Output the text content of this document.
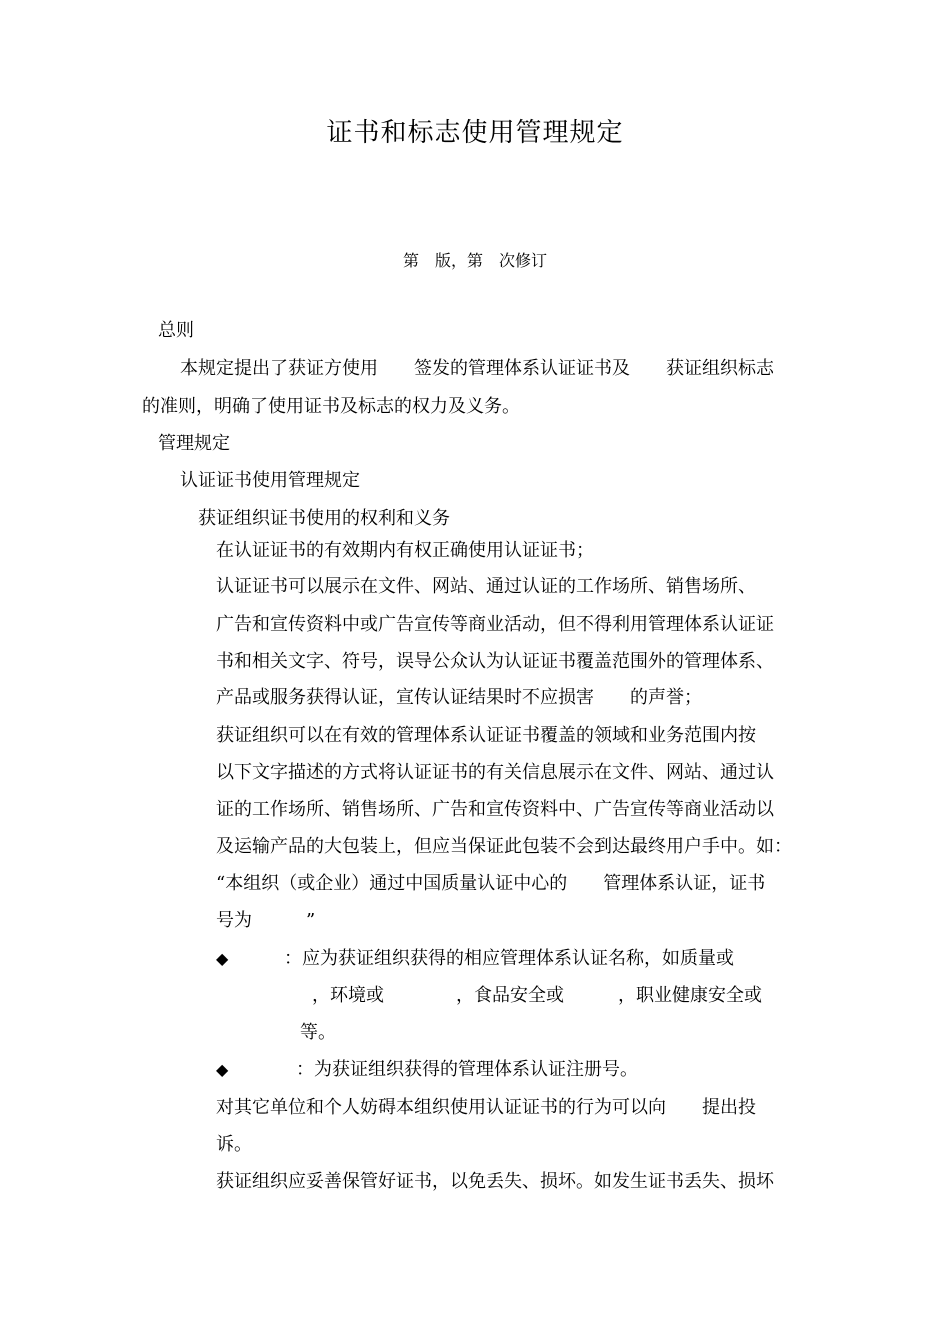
证书和标志使用管理规定
第　版，第　次修订
总则
本规定提出了获证方使用　　签发的管理体系认证证书及　　获证组织标志
的准则，明确了使用证书及标志的权力及义务。
管理规定
认证证书使用管理规定
获证组织证书使用的权利和义务
在认证证书的有效期内有权正确使用认证证书；
认证证书可以展示在文件、网站、通过认证的工作场所、销售场所、
广告和宣传资料中或广告宣传等商业活动，但不得利用管理体系认证证
书和相关文字、符号，误导公众认为认证证书覆盖范围外的管理体系、
产品或服务获得认证，宣传认证结果时不应损害　　的声誉；
获证组织可以在有效的管理体系认证证书覆盖的领域和业务范围内按
以下文字描述的方式将认证证书的有关信息展示在文件、网站、通过认
证的工作场所、销售场所、广告和宣传资料中、广告宣传等商业活动以
及运输产品的大包装上，但应当保证此包装不会到达最终用户手中。如：
“本组织（或企业）通过中国质量认证中心的　　管理体系认证，证书
号为　　　”
◆	：应为获证组织获得的相应管理体系认证名称，如质量或
，环境或　　　　，食品安全或　　　，职业健康安全或
等。
◆	：为获证组织获得的管理体系认证注册号。
对其它单位和个人妨碍本组织使用认证证书的行为可以向　　提出投
诉。
获证组织应妥善保管好证书，以免丢失、损坏。如发生证书丢失、损坏
